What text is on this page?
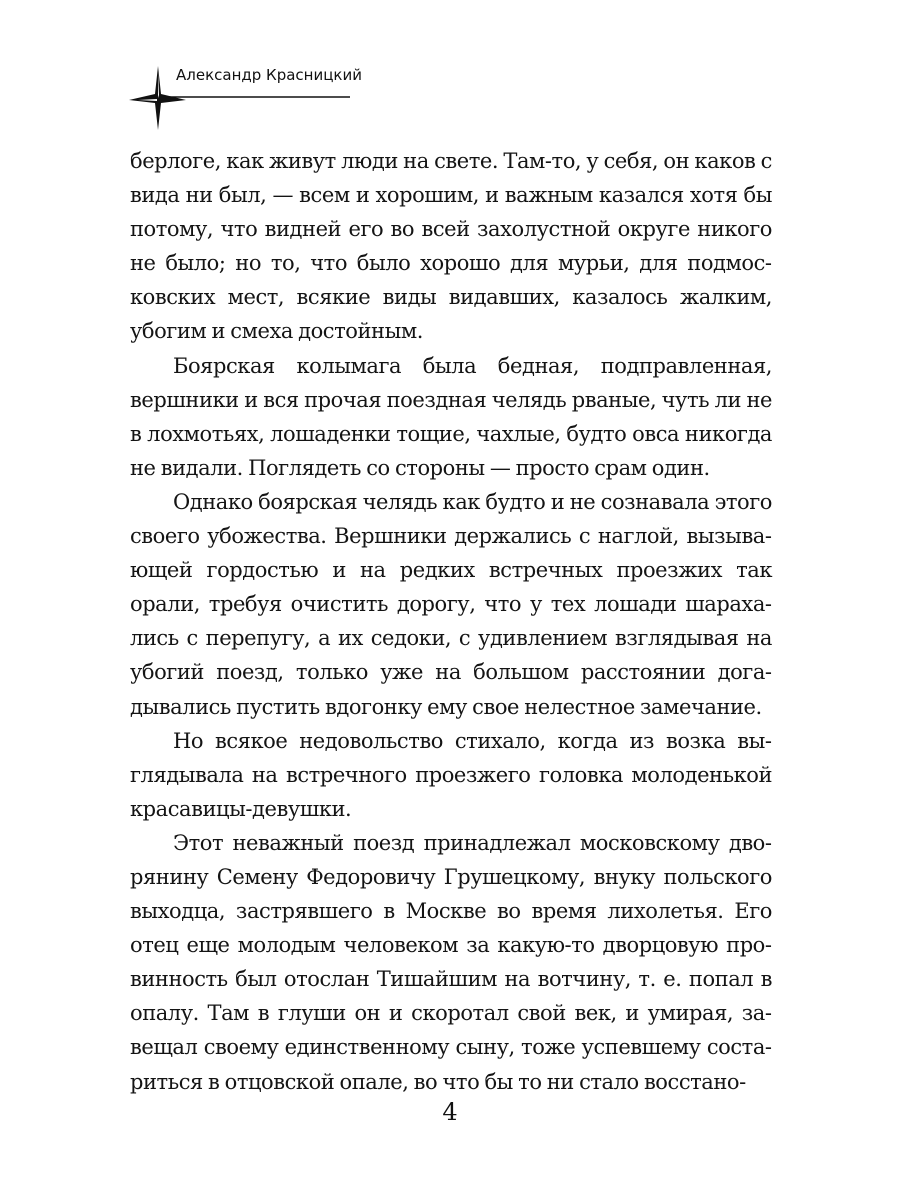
Александр Красницкий

берлоге, как живут люди на свете. Там-то, у себя, он каков с вида ни был, — всем и хорошим, и важным казался хотя бы потому, что видней его во всей захолустной округе никого не было; но то, что было хорошо для мурьи, для подмосковских мест, всякие виды видавших, казалось жалким, убогим и смеха достойным.

Боярская колымага была бедная, подправленная, вершники и вся прочая поездная челядь рваные, чуть ли не в лохмотьях, лошаденки тощие, чахлые, будто овса никогда не видали. Поглядеть со стороны — просто срам один.

Однако боярская челядь как будто и не сознавала этого своего убожества. Вершники держались с наглой, вызывающей гордостью и на редких встречных проезжих так орали, требуя очистить дорогу, что у тех лошади шарахались с перепугу, а их седоки, с удивлением взглядывая на убогий поезд, только уже на большом расстоянии догадывались пустить вдогонку ему свое нелестное замечание.

Но всякое недовольство стихало, когда из возка выглядывала на встречного проезжего головка молоденькой красавицы-девушки.

Этот неважный поезд принадлежал московскому дворянину Семену Федоровичу Грушецкому, внуку польского выходца, застрявшего в Москве во время лихолетья. Его отец еще молодым человеком за какую-то дворцовую провинность был отослан Тишайшим на вотчину, т. е. попал в опалу. Там в глуши он и скоротал свой век, и умирая, завещал своему единственному сыну, тоже успевшему состариться в отцовской опале, во что бы то ни стало восстано-

4
